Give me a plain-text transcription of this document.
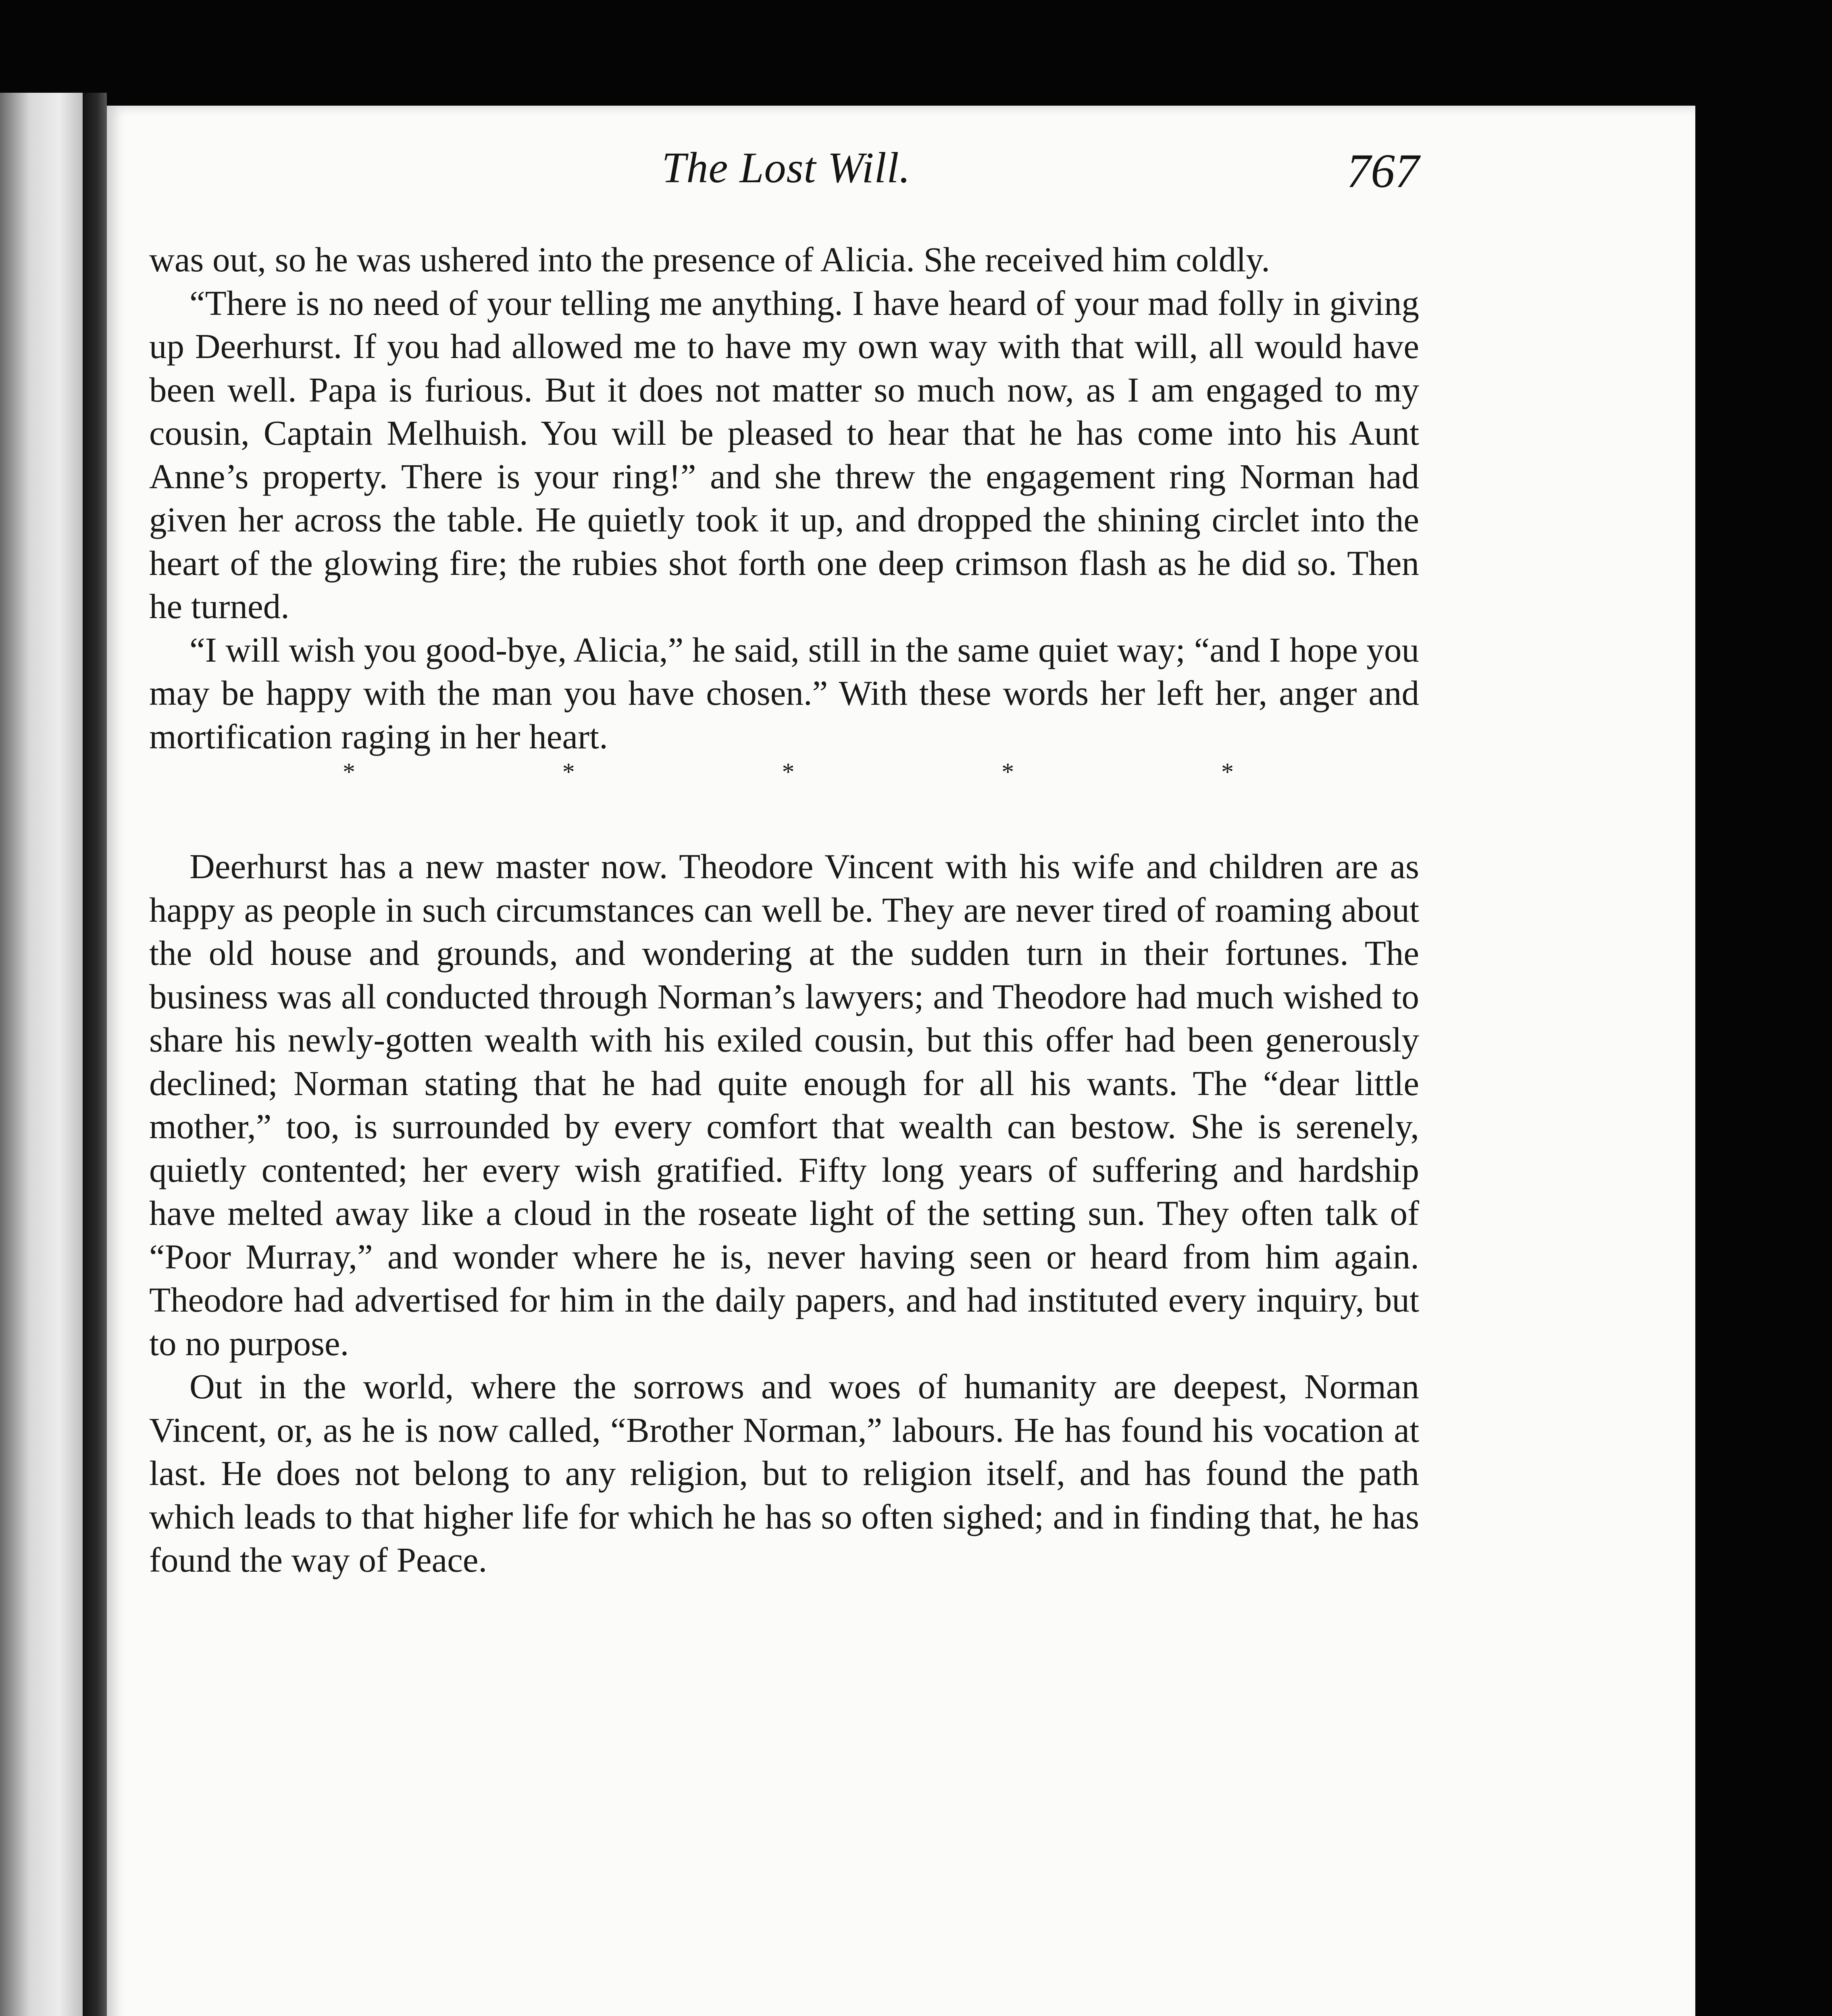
The Lost Will.	767

was out, so he was ushered into the presence of Alicia. She received him coldly.

“There is no need of your telling me anything. I have heard of your mad folly in giving up Deerhurst. If you had allowed me to have my own way with that will, all would have been well. Papa is furious. But it does not matter so much now, as I am engaged to my cousin, Captain Melhuish. You will be pleased to hear that he has come into his Aunt Anne’s property. There is your ring!” and she threw the engagement ring Norman had given her across the table. He quietly took it up, and dropped the shining circlet into the heart of the glowing fire; the rubies shot forth one deep crimson flash as he did so. Then he turned.

“I will wish you good-bye, Alicia,” he said, still in the same quiet way; “and I hope you may be happy with the man you have chosen.” With these words her left her, anger and mortification raging in her heart.

*	*	*	*	*

Deerhurst has a new master now. Theodore Vincent with his wife and children are as happy as people in such circumstances can well be. They are never tired of roaming about the old house and grounds, and wondering at the sudden turn in their fortunes. The business was all conducted through Norman’s lawyers; and Theodore had much wished to share his newly-gotten wealth with his exiled cousin, but this offer had been generously declined; Norman stating that he had quite enough for all his wants. The “dear little mother,” too, is surrounded by every comfort that wealth can bestow. She is serenely, quietly contented; her every wish gratified. Fifty long years of suffering and hardship have melted away like a cloud in the roseate light of the setting sun. They often talk of “Poor Murray,” and wonder where he is, never having seen or heard from him again. Theodore had advertised for him in the daily papers, and had instituted every inquiry, but to no purpose.

Out in the world, where the sorrows and woes of humanity are deepest, Norman Vincent, or, as he is now called, “Brother Norman,” labours. He has found his vocation at last. He does not belong to any religion, but to religion itself, and has found the path which leads to that higher life for which he has so often sighed; and in finding that, he has found the way of Peace.
